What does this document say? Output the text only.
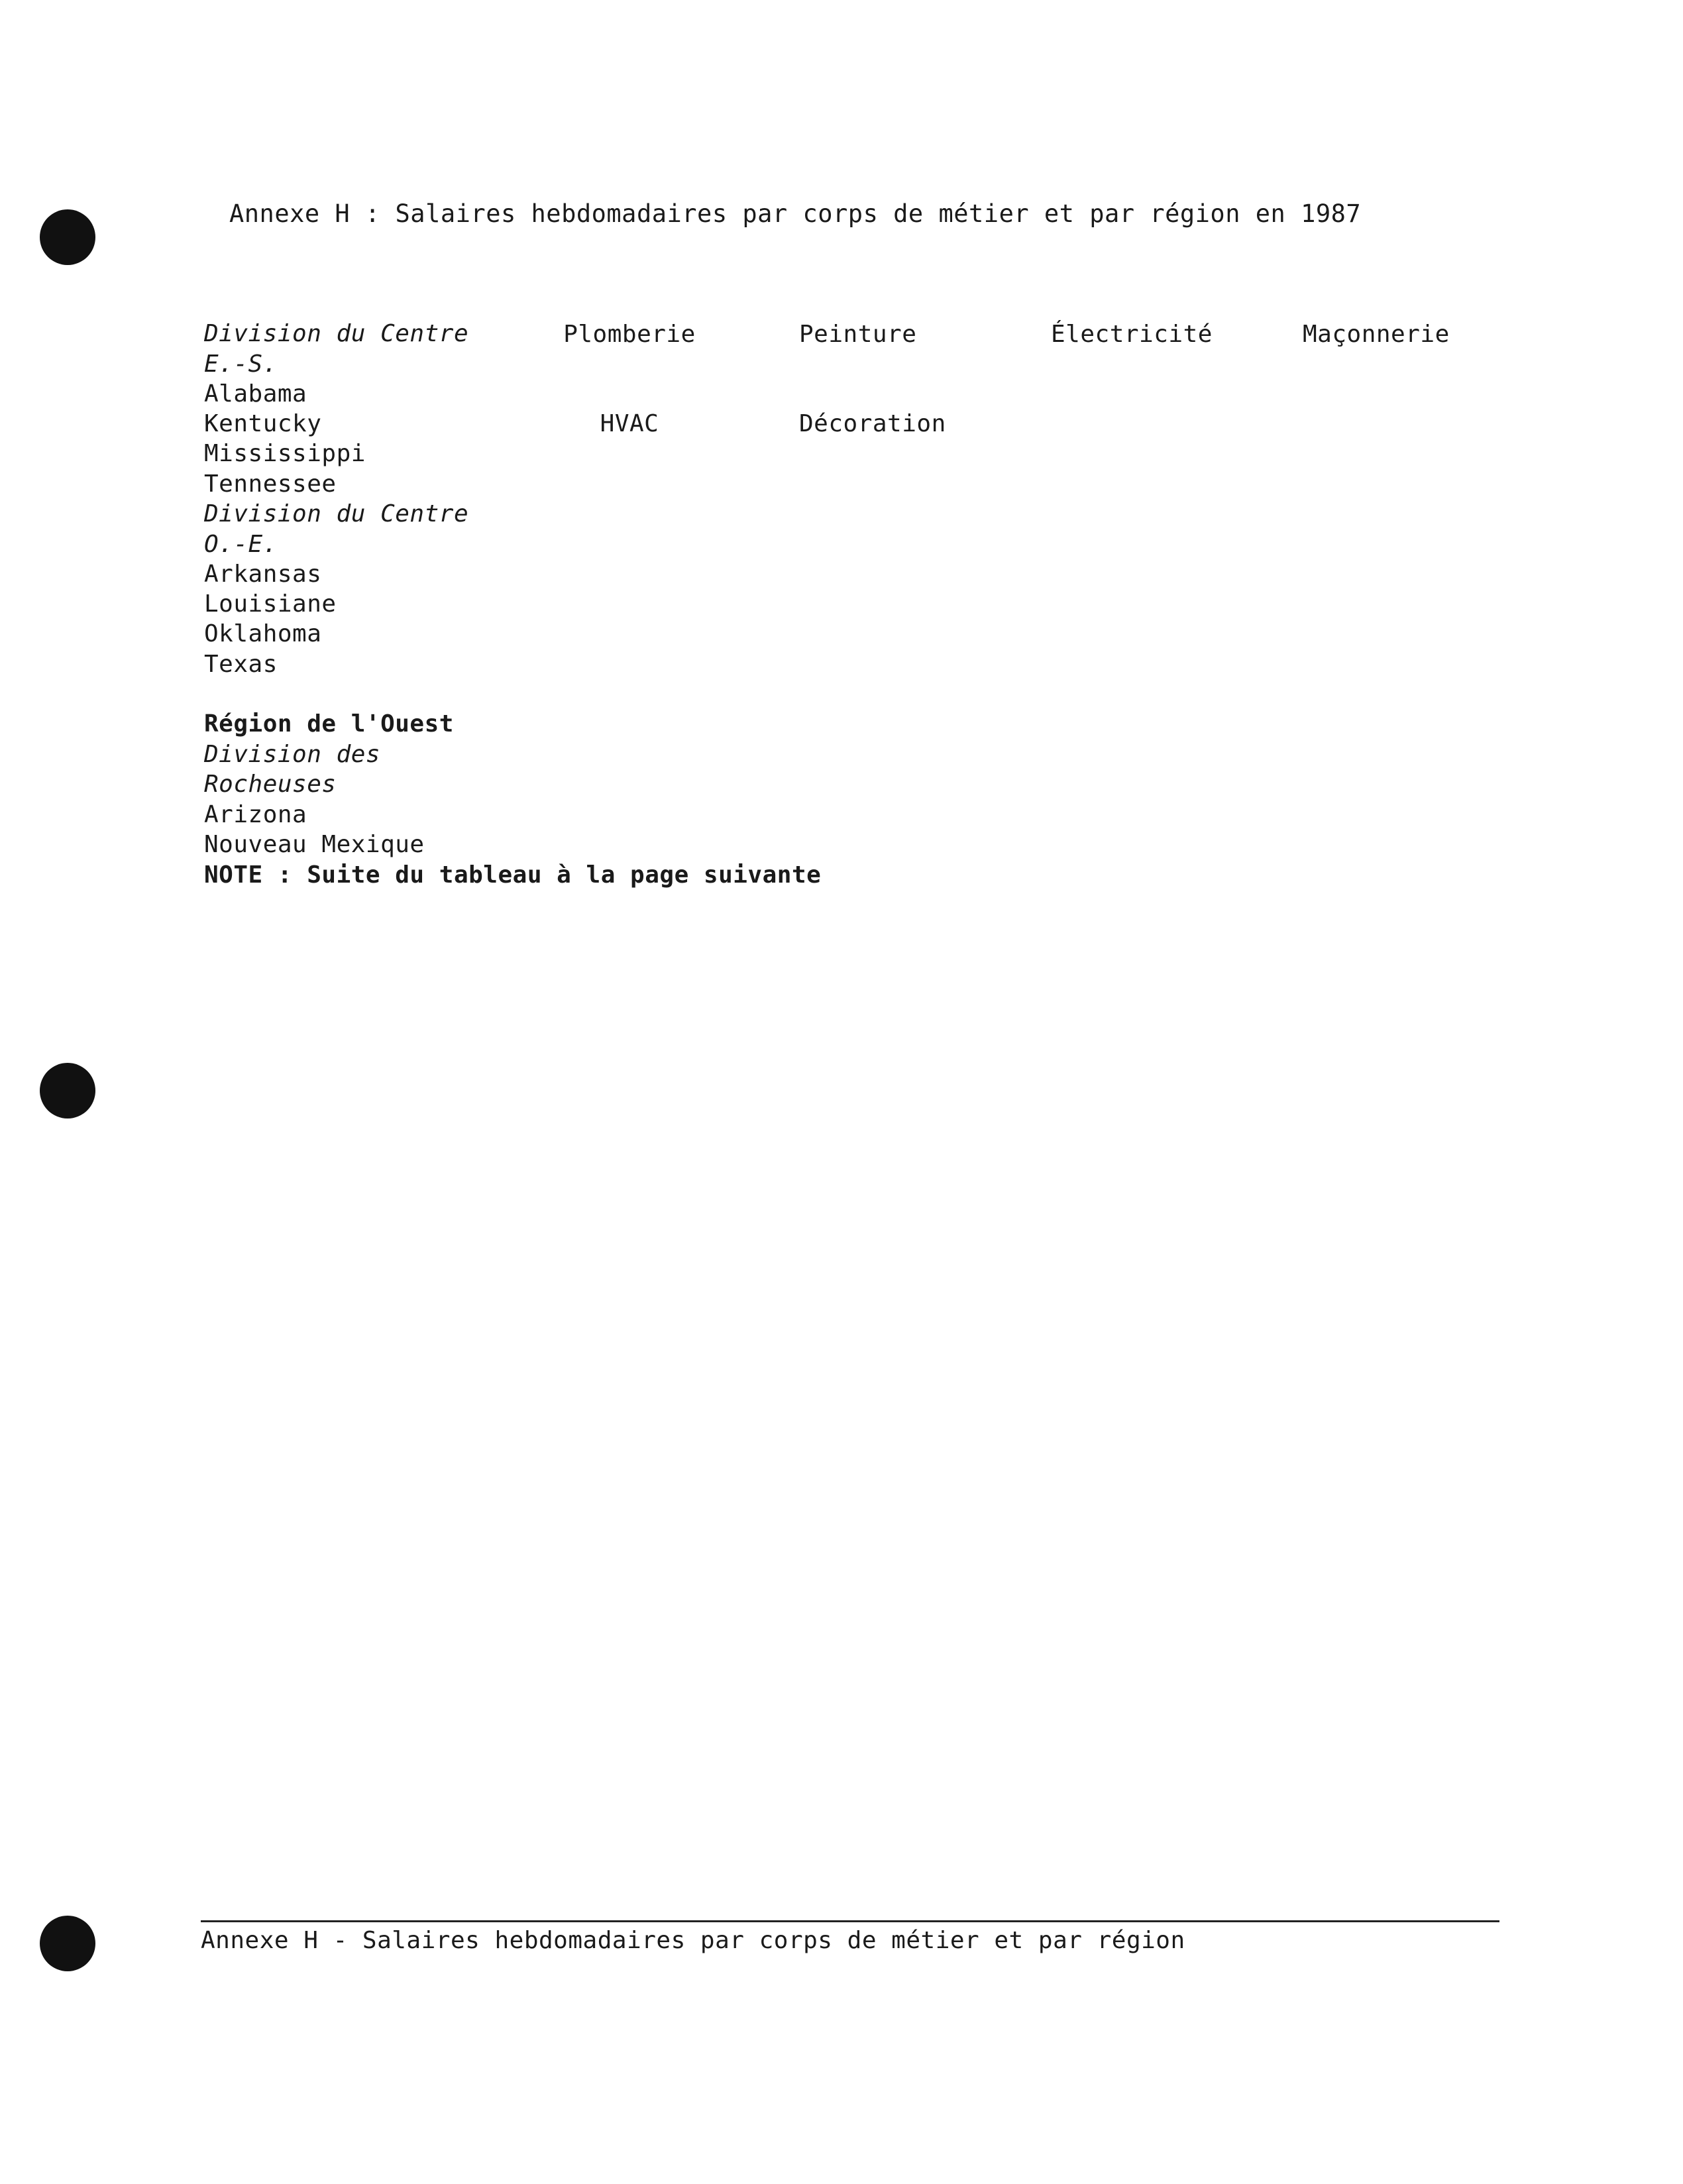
Annexe H : Salaires hebdomadaires par corps de métier et par région en 1987

Plomberie

HVAC

Peinture

Décoration

Électricité

	Maçonnerie

Division du Centre
E.-S.
Alabama
Kentucky
Mississippi
Tennessee
Division du Centre
O.-E.
Arkansas
Louisiane
Oklahoma
Texas
Région de l'Ouest
Division des
Rocheuses
Arizona
Nouveau Mexique
NOTE : Suite du tableau à la page suivante
Annexe H - Salaires hebdomadaires par corps de métier et par région
